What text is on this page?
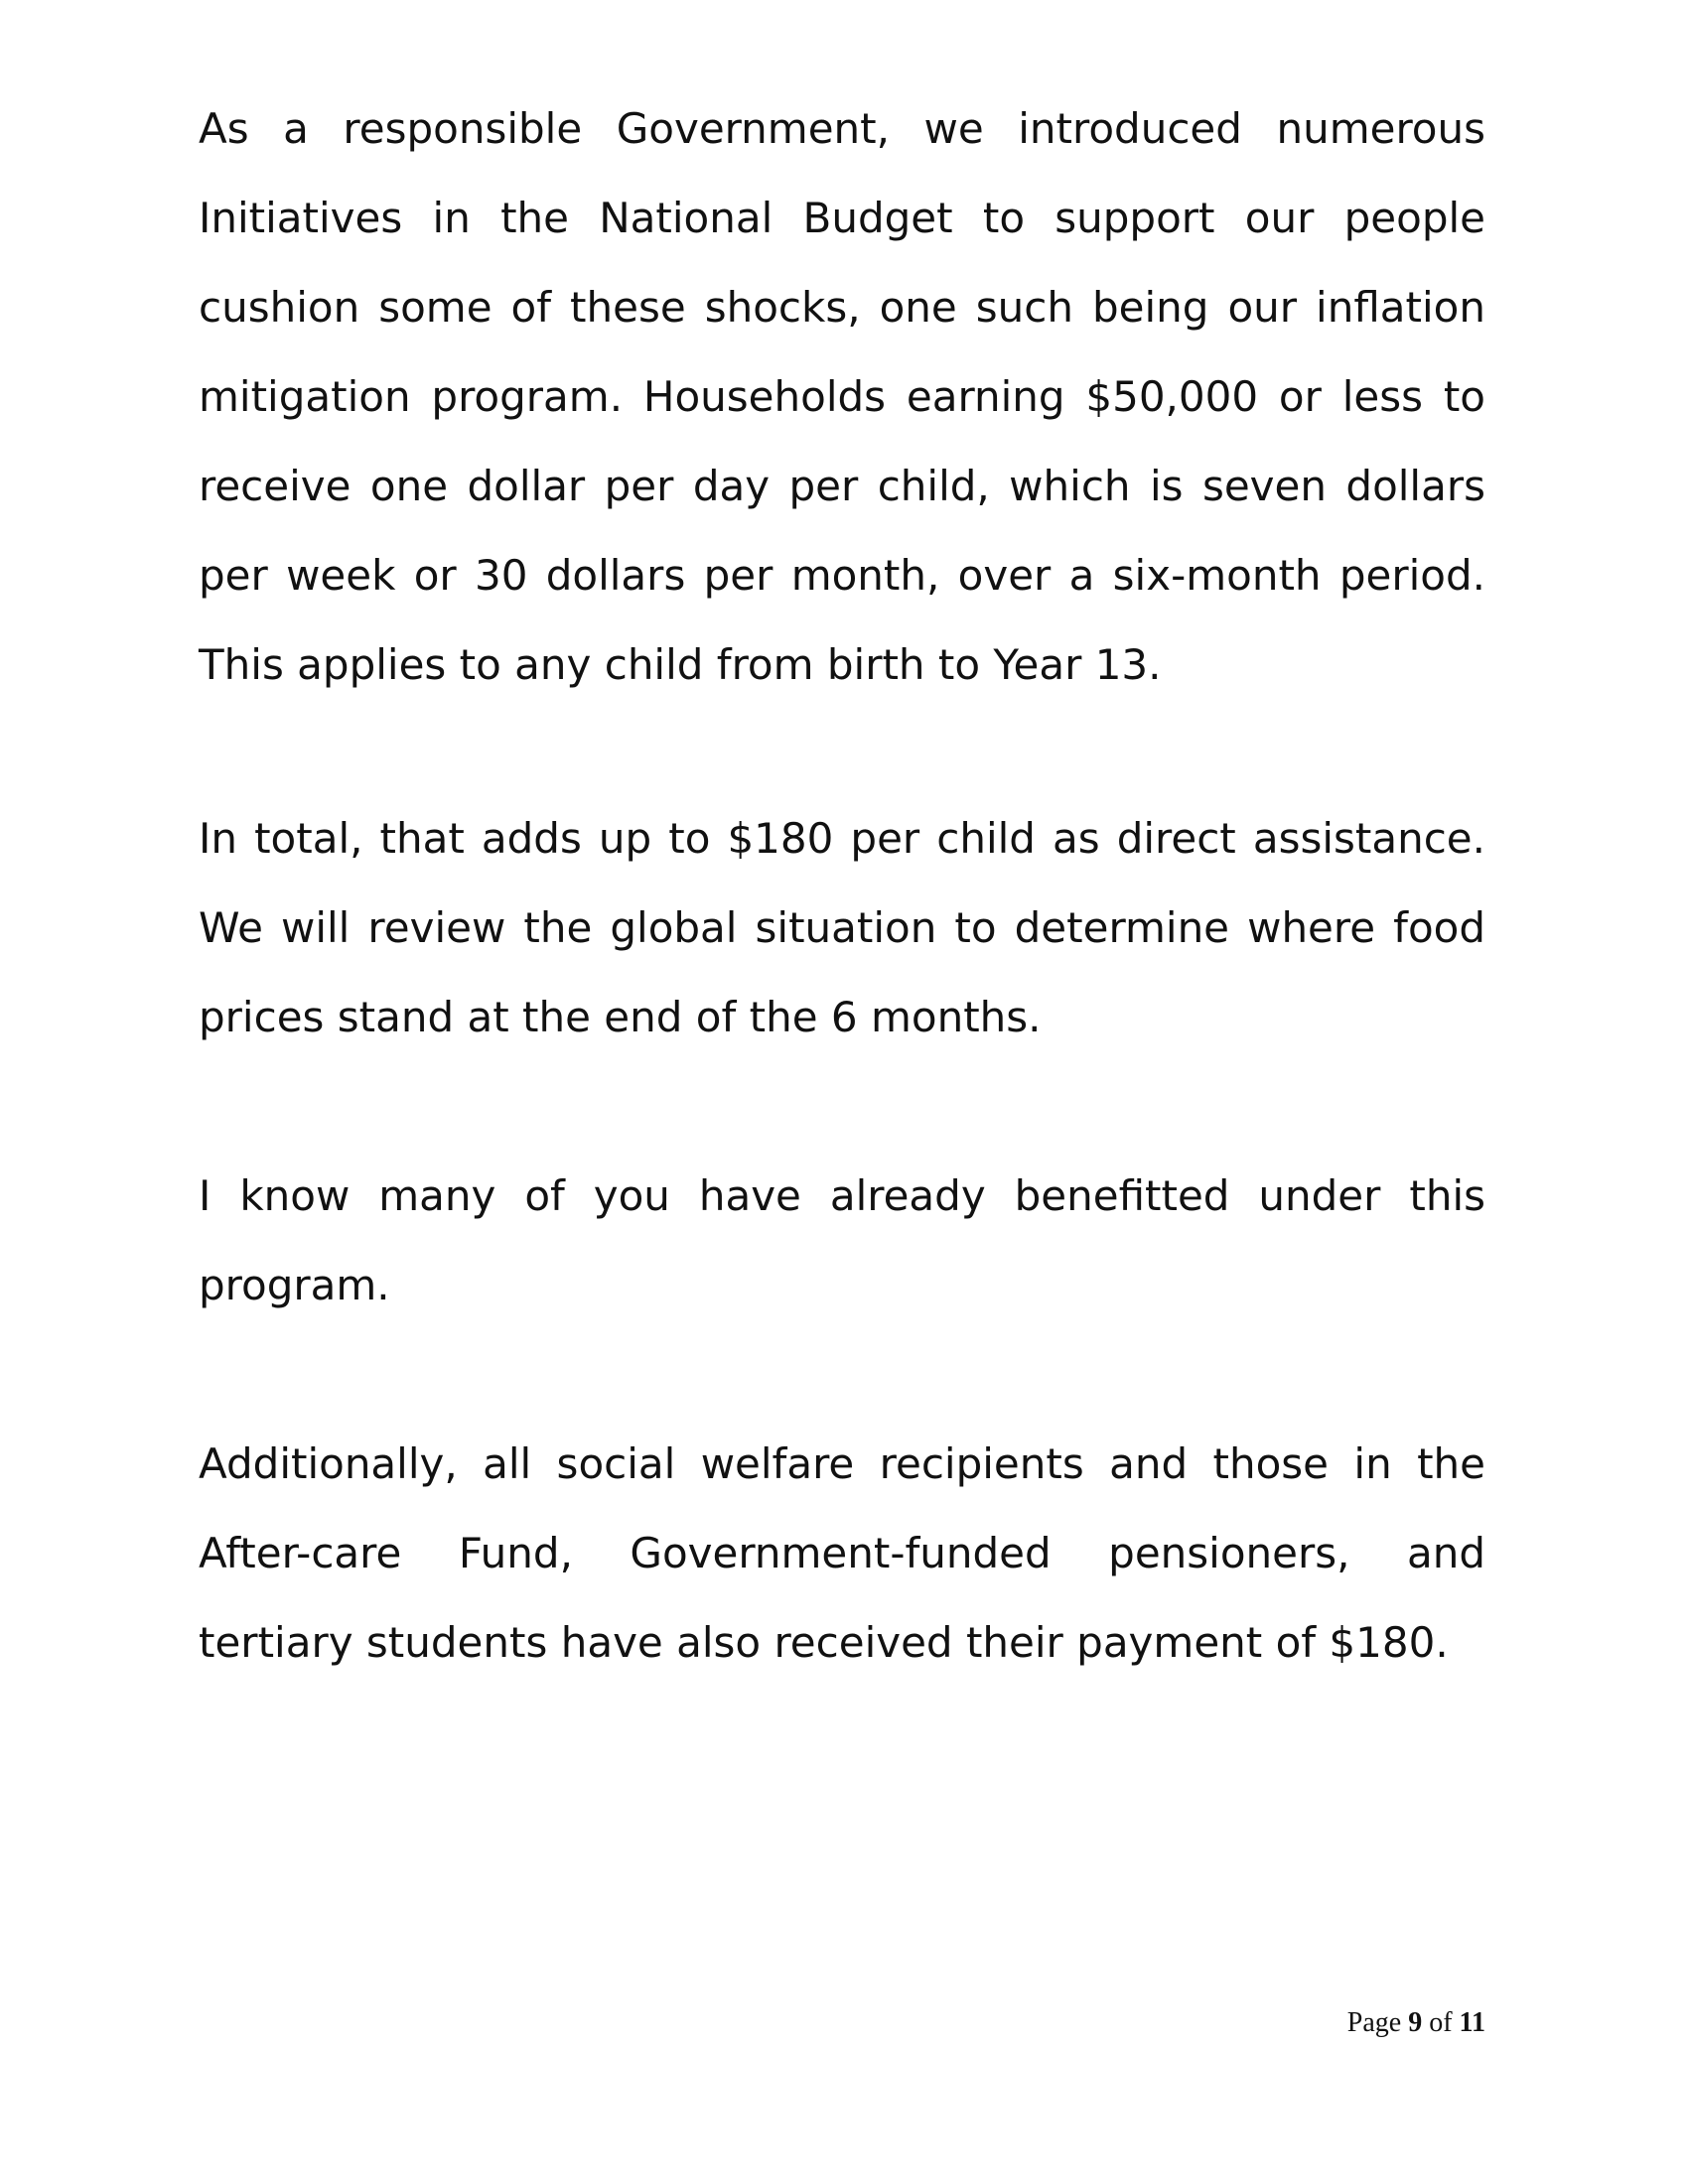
As a responsible Government, we introduced numerous
Initiatives in the National Budget to support our people
cushion some of these shocks, one such being our inflation
mitigation program. Households earning $50,000 or less to
receive one dollar per day per child, which is seven dollars
per week or 30 dollars per month, over a six-month period.
This applies to any child from birth to Year 13.
In total, that adds up to $180 per child as direct assistance.
We will review the global situation to determine where food
prices stand at the end of the 6 months.
I know many of you have already benefitted under this
program.
Additionally, all social welfare recipients and those in the
After-care Fund, Government-funded pensioners, and
tertiary students have also received their payment of $180.
Page 9 of 11
